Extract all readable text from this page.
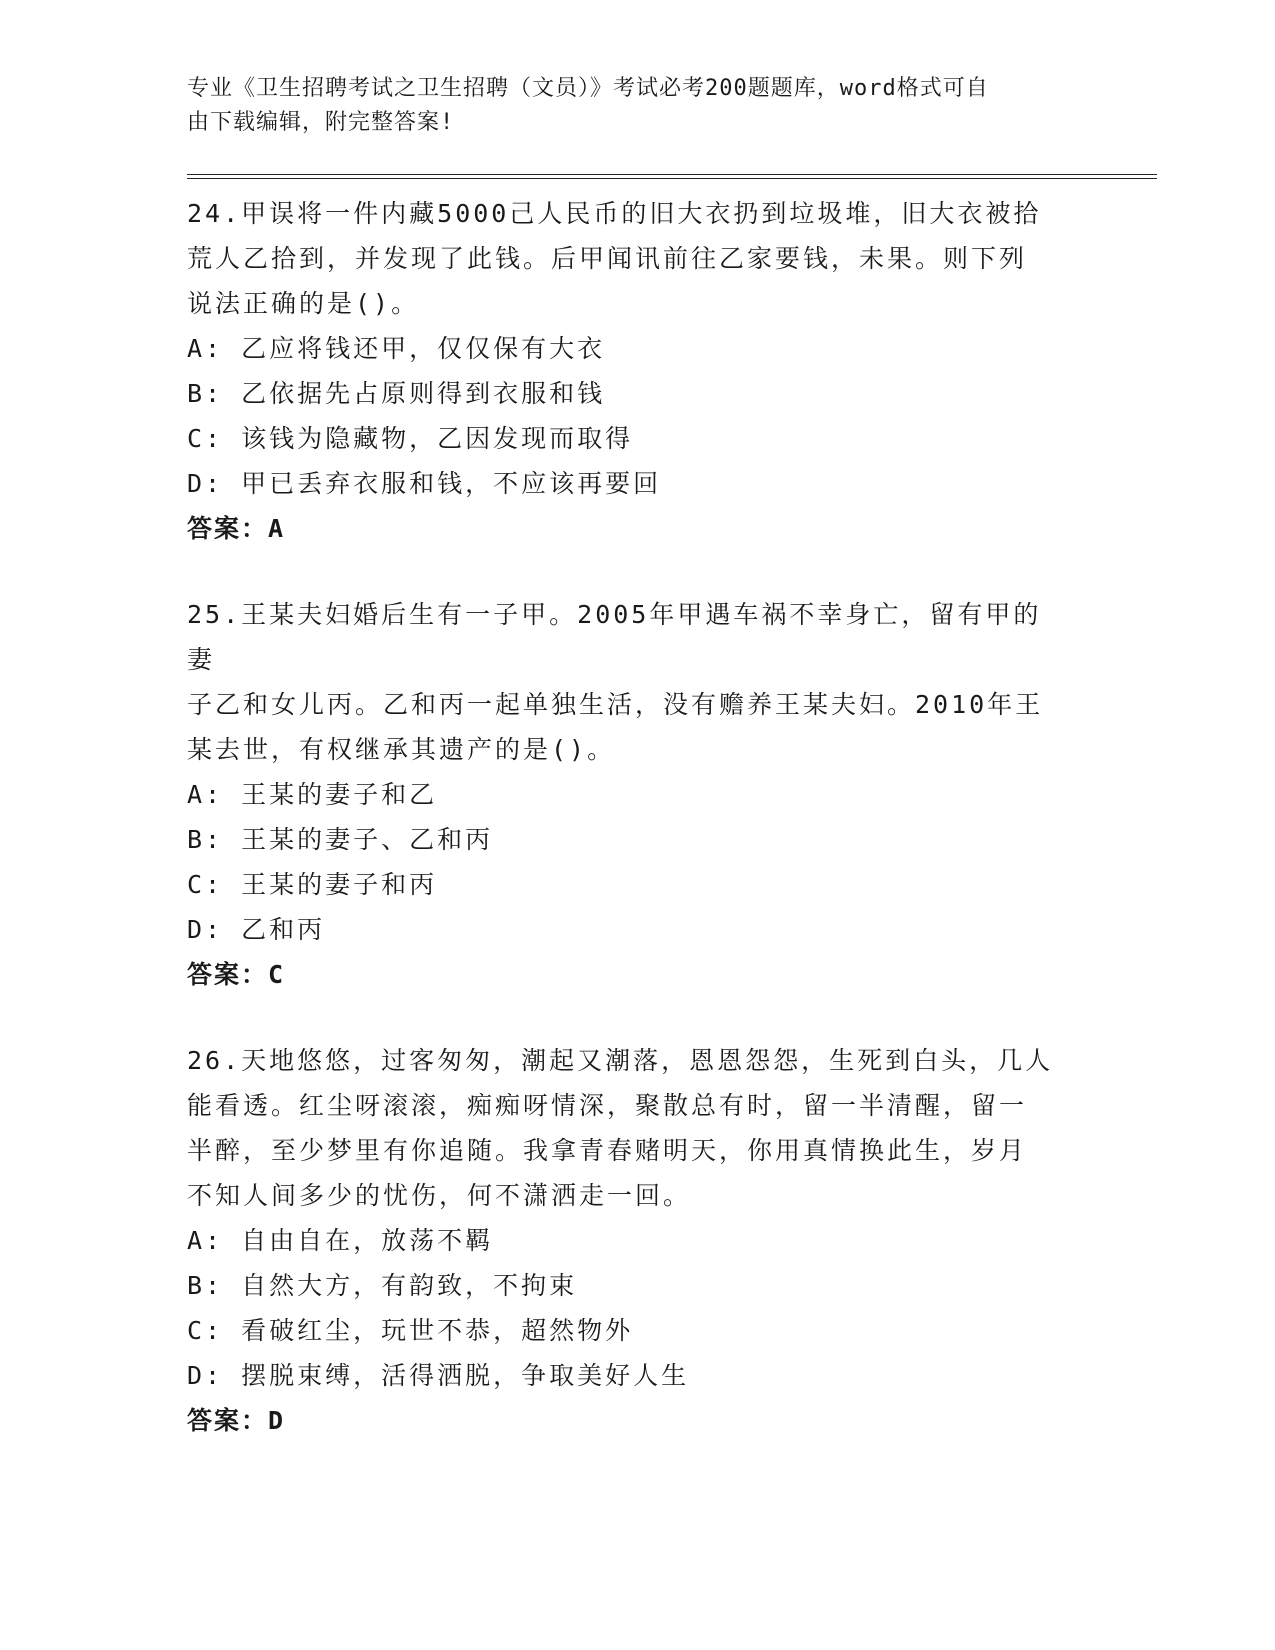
专业《卫生招聘考试之卫生招聘（文员）》考试必考200题题库，word格式可自
由下载编辑，附完整答案!
24.甲误将一件内藏5000己人民币的旧大衣扔到垃圾堆，旧大衣被拾
荒人乙拾到，并发现了此钱。后甲闻讯前往乙家要钱，未果。则下列
说法正确的是()。
A: 乙应将钱还甲，仅仅保有大衣
B: 乙依据先占原则得到衣服和钱
C: 该钱为隐藏物，乙因发现而取得
D: 甲已丢弃衣服和钱，不应该再要回
答案：A
25.王某夫妇婚后生有一子甲。2005年甲遇车祸不幸身亡，留有甲的妻
子乙和女儿丙。乙和丙一起单独生活，没有赡养王某夫妇。2010年王
某去世，有权继承其遗产的是()。
A: 王某的妻子和乙
B: 王某的妻子、乙和丙
C: 王某的妻子和丙
D: 乙和丙
答案：C
26.天地悠悠，过客匆匆，潮起又潮落，恩恩怨怨，生死到白头，几人
能看透。红尘呀滚滚，痴痴呀情深，聚散总有时，留一半清醒，留一
半醉，至少梦里有你追随。我拿青春赌明天，你用真情换此生，岁月
不知人间多少的忧伤，何不潇洒走一回。
A: 自由自在，放荡不羁
B: 自然大方，有韵致，不拘束
C: 看破红尘，玩世不恭，超然物外
D: 摆脱束缚，活得洒脱，争取美好人生
答案：D
